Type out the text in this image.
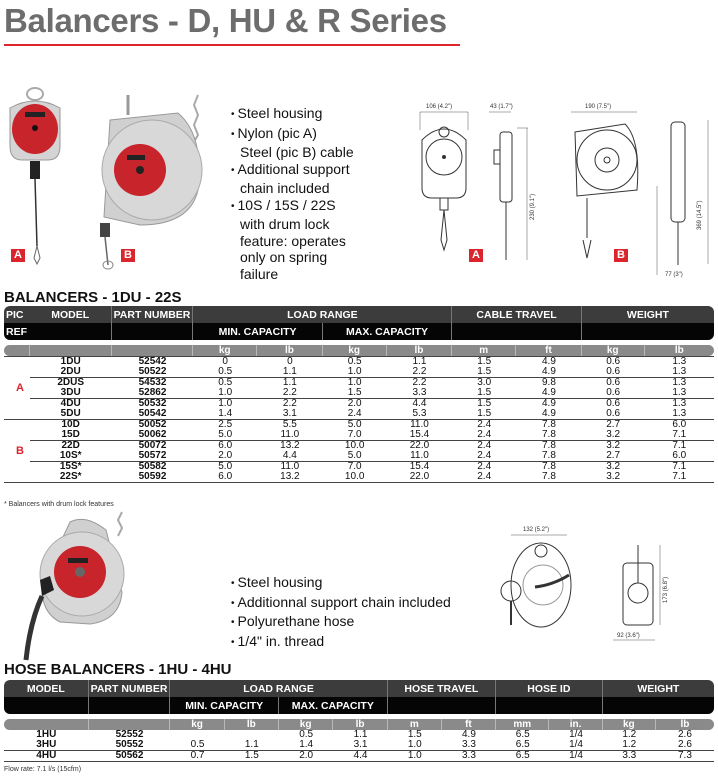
Balancers - D, HU & R Series
A	B
• Steel housing
• Nylon (pic A)
Steel (pic B) cable
• Additional support
chain included
• 10S / 15S / 22S
with drum lock
feature: operates
only on spring
failure
106 (4.2")	43 (1.7")
230 (9.1")
A
190 (7.5")
369 (14.5")
77 (3")
B
BALANCERS - 1DU - 22S
PIC	MODEL	PART NUMBER	LOAD RANGE				CABLE TRAVEL		WEIGHT	
REF			MIN. CAPACITY		MAX. CAPACITY					

			kg	lb	kg	lb	m	ft	kg	lb
A	1DU	52542	0	0	0.5	1.1	1.5	4.9	0.6	1.3
	2DU	50522	0.5	1.1	1.0	2.2	1.5	4.9	0.6	1.3
	2DUS	54532	0.5	1.1	1.0	2.2	3.0	9.8	0.6	1.3
	3DU	52862	1.0	2.2	1.5	3.3	1.5	4.9	0.6	1.3
	4DU	50532	1.0	2.2	2.0	4.4	1.5	4.9	0.6	1.3
	5DU	50542	1.4	3.1	2.4	5.3	1.5	4.9	0.6	1.3
B	10D	50052	2.5	5.5	5.0	11.0	2.4	7.8	2.7	6.0
	15D	50062	5.0	11.0	7.0	15.4	2.4	7.8	3.2	7.1
	22D	50072	6.0	13.2	10.0	22.0	2.4	7.8	3.2	7.1
	10S*	50572	2.0	4.4	5.0	11.0	2.4	7.8	2.7	6.0
	15S*	50582	5.0	11.0	7.0	15.4	2.4	7.8	3.2	7.1
	22S*	50592	6.0	13.2	10.0	22.0	2.4	7.8	3.2	7.1

* Balancers with drum lock features
• Steel housing
• Additionnal support chain included
• Polyurethane hose
• 1/4" in. thread
132 (5.2")
173 (6.8")
92 (3.6")
HOSE BALANCERS - 1HU - 4HU
MODEL	PART NUMBER	LOAD RANGE				HOSE TRAVEL		HOSE ID		WEIGHT	
		MIN. CAPACITY		MAX. CAPACITY							

		kg	lb	kg	lb	m	ft	mm	in.	kg	lb
1HU	52552			0.5	1.1	1.5	4.9	6.5	1/4	1.2	2.6
3HU	50552	0.5	1.1	1.4	3.1	1.0	3.3	6.5	1/4	1.2	2.6
4HU	50562	0.7	1.5	2.0	4.4	1.0	3.3	6.5	1/4	3.3	7.3

Flow rate: 7.1 l/s (15cfm)
